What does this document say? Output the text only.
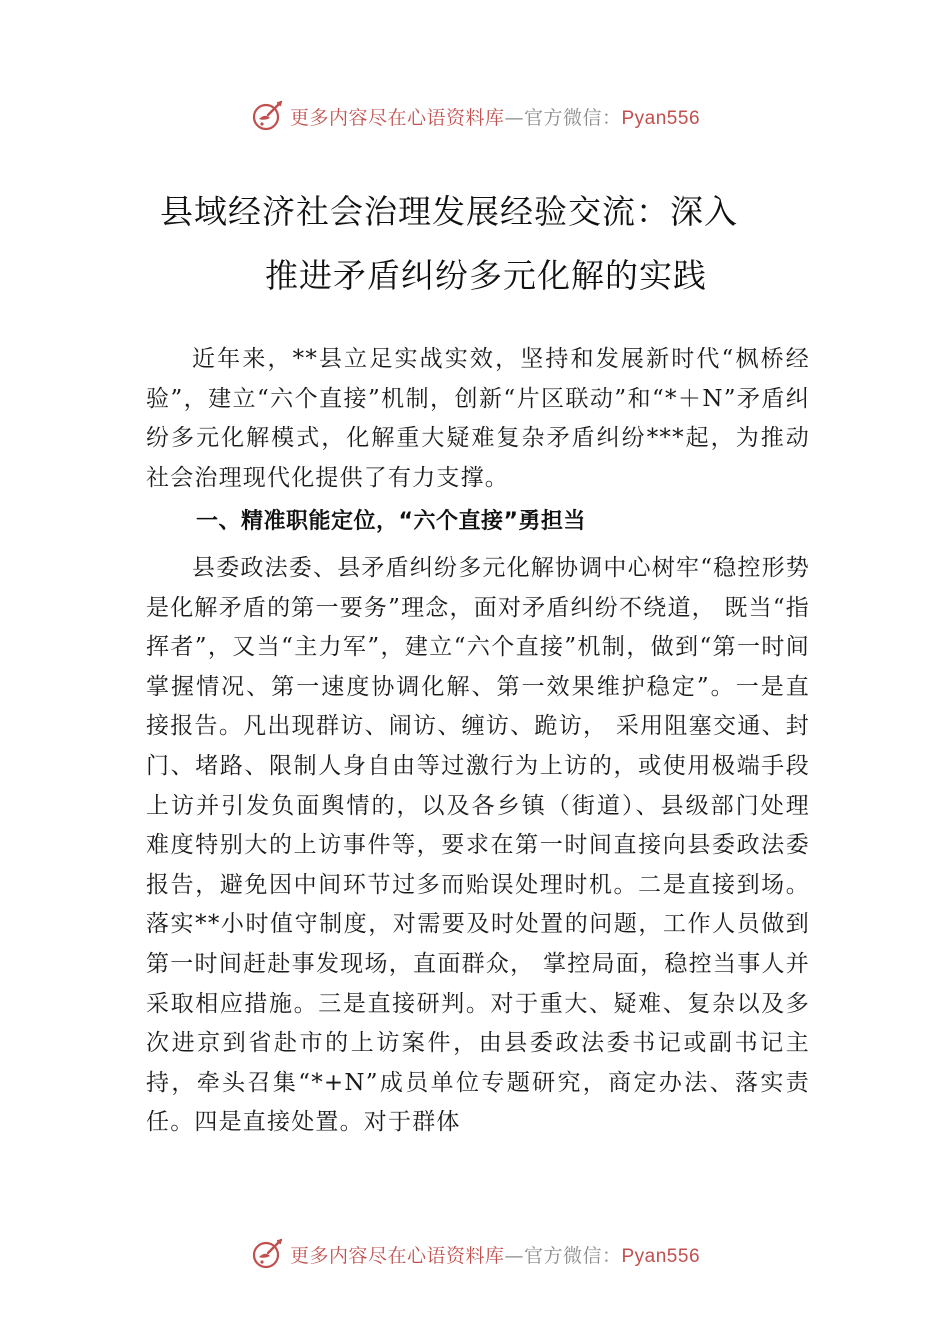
更多内容尽在心语资料库—官方微信：Pyan556
县域经济社会治理发展经验交流：深入
推进矛盾纠纷多元化解的实践
近年来，**县立足实战实效，坚持和发展新时代“枫桥经验”，建立“六个直接”机制，创新“片区联动”和“*＋N”矛盾纠纷多元化解模式，化解重大疑难复杂矛盾纠纷***起，为推动社会治理现代化提供了有力支撑。
一、精准职能定位，“六个直接”勇担当
县委政法委、县矛盾纠纷多元化解协调中心树牢“稳控形势是化解矛盾的第一要务”理念，面对矛盾纠纷不绕道， 既当“指挥者”，又当“主力军”，建立“六个直接”机制，做到“第一时间掌握情况、第一速度协调化解、第一效果维护稳定”。一是直接报告。凡出现群访、闹访、缠访、跪访， 采用阻塞交通、封门、堵路、限制人身自由等过激行为上访的，或使用极端手段上访并引发负面舆情的，以及各乡镇（街道）、县级部门处理难度特别大的上访事件等，要求在第一时间直接向县委政法委报告，避免因中间环节过多而贻误处理时机。二是直接到场。落实**小时值守制度，对需要及时处置的问题，工作人员做到第一时间赶赴事发现场，直面群众， 掌控局面，稳控当事人并采取相应措施。三是直接研判。对于重大、疑难、复杂以及多次进京到省赴市的上访案件，由县委政法委书记或副书记主持，牵头召集“*+N”成员单位专题研究，商定办法、落实责任。四是直接处置。对于群体
更多内容尽在心语资料库—官方微信：Pyan556
